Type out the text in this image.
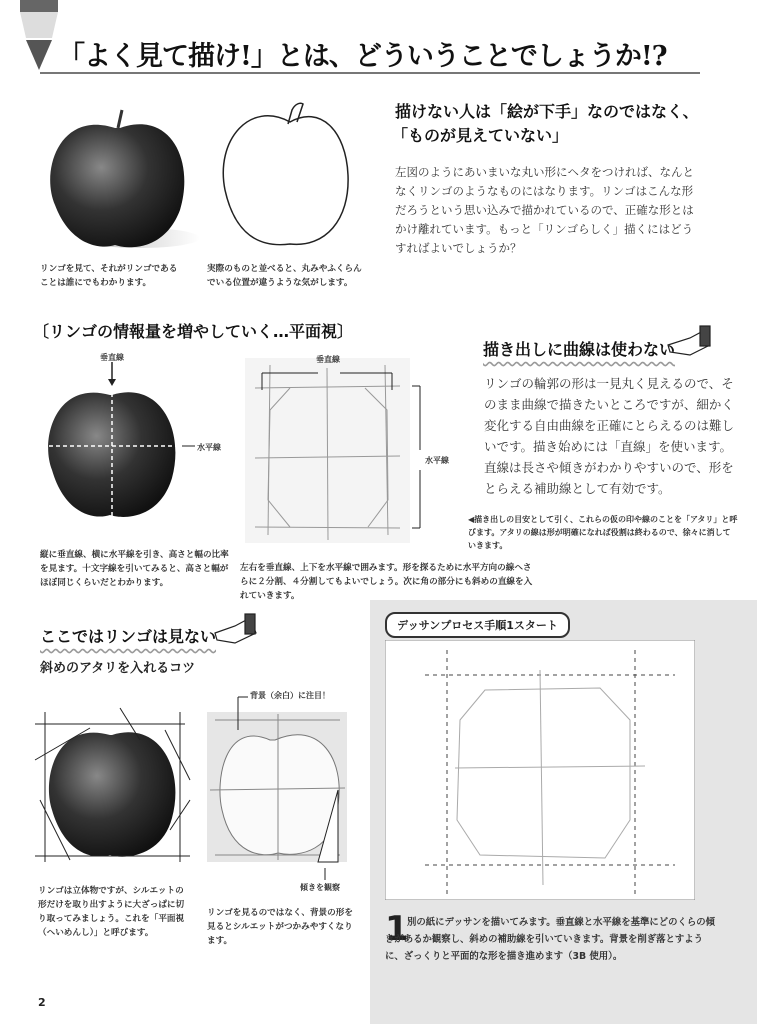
「よく見て描け!」とは、どういうことでしょうか!?
描けない人は「絵が下手」なのではなく、
「ものが見えていない」
左図のようにあいまいな丸い形にヘタをつければ、なんとなくリンゴのようなものにはなります。リンゴはこんな形だろうという思い込みで描かれているので、正確な形とはかけ離れています。もっと「リンゴらしく」描くにはどうすればよいでしょうか？
リンゴを見て、それがリンゴであることは誰にでもわかります。
実際のものと並べると、丸みやふくらんでいる位置が違うような気がします。
〔リンゴの情報量を増やしていく…平面視〕
垂直線
水平線
垂直線
水平線
描き出しに曲線は使わない
リンゴの輪郭の形は一見丸く見えるので、そのまま曲線で描きたいところですが、細かく変化する自由曲線を正確にとらえるのは難しいです。描き始めには「直線」を使います。直線は長さや傾きがわかりやすいので、形をとらえる補助線として有効です。
◀描き出しの目安として引く、これらの仮の印や線のことを「アタリ」と呼びます。アタリの線は形が明確になれば役割は終わるので、徐々に消していきます。
縦に垂直線、横に水平線を引き、高さと幅の比率を見ます。十文字線を引いてみると、高さと幅がほぼ同じくらいだとわかります。
左右を垂直線、上下を水平線で囲みます。形を探るために水平方向の線へさらに２分割、４分割してもよいでしょう。次に角の部分にも斜めの直線を入れていきます。
ここではリンゴは見ない
斜めのアタリを入れるコツ
背景（余白）に注目！
傾きを観察
リンゴは立体物ですが、シルエットの形だけを取り出すように大ざっぱに切り取ってみましょう。これを「平面視（へいめんし）」と呼びます。
リンゴを見るのではなく、背景の形を見るとシルエットがつかみやすくなります。
デッサンプロセス手順1スタート
1
別の紙にデッサンを描いてみます。垂直線と水平線を基準にどのくらの傾きがあるか観察し、斜めの補助線を引いていきます。背景を削ぎ落とすように、ざっくりと平面的な形を描き進めます（3B 使用）。
2
